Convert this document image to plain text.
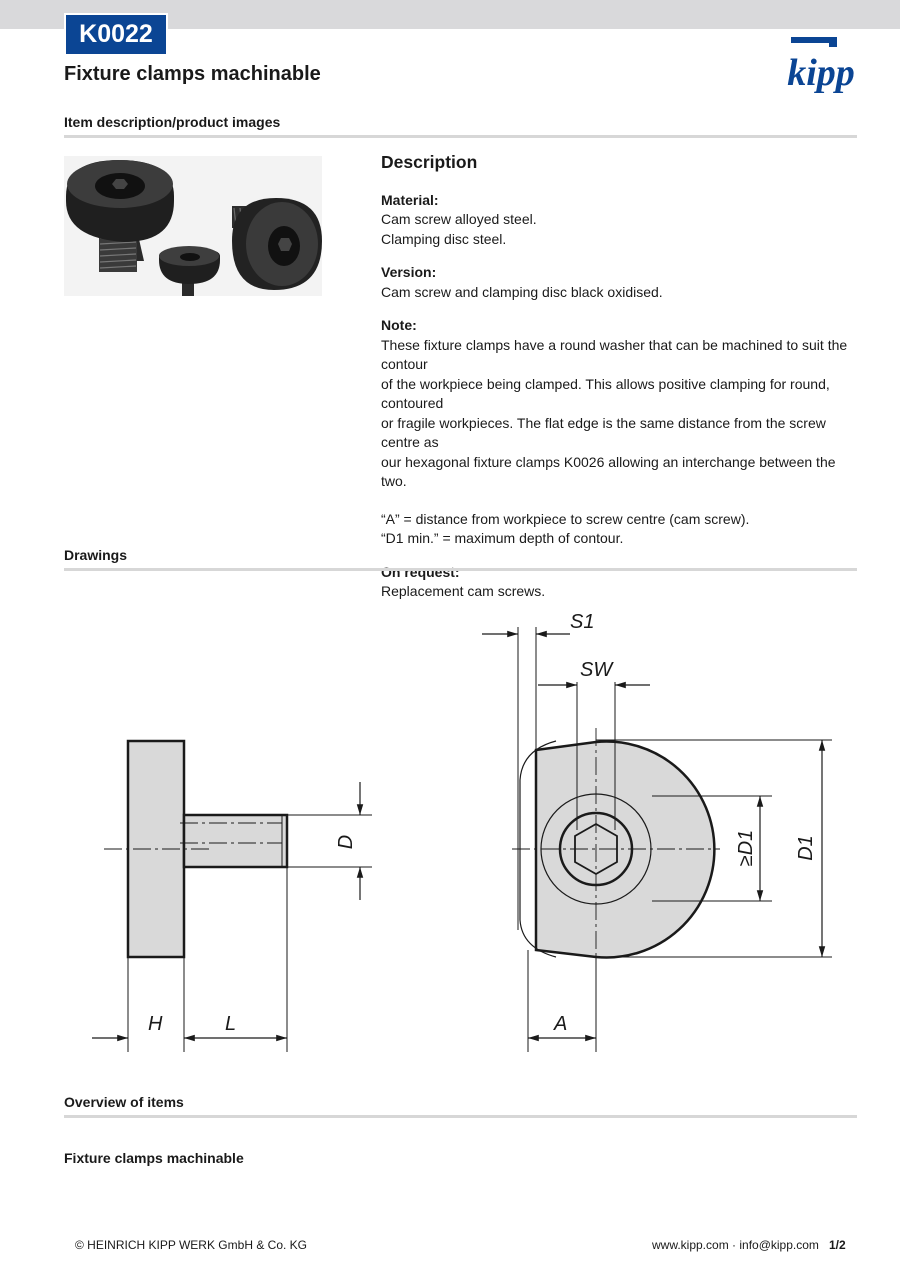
K0022
Fixture clamps machinable	kipp
Item description/product images
Description
Material:
Cam screw alloyed steel.
Clamping disc steel.
Version:
Cam screw and clamping disc black oxidised.
Note:
These fixture clamps have a round washer that can be machined to suit the contour
of the workpiece being clamped. This allows positive clamping for round, contoured
or fragile workpieces. The flat edge is the same distance from the screw centre as
our hexagonal fixture clamps K0026 allowing an interchange between the two.
“A” = distance from workpiece to screw centre (cam screw).
“D1 min.” = maximum depth of contour.
On request:
Replacement cam screws.
Drawings
H	L
D
S1
SW
≥D1 D1
A
Overview of items
Fixture clamps machinable
© HEINRICH KIPP WERK GmbH & Co. KG	www.kipp.com · info@kipp.com 1/2
